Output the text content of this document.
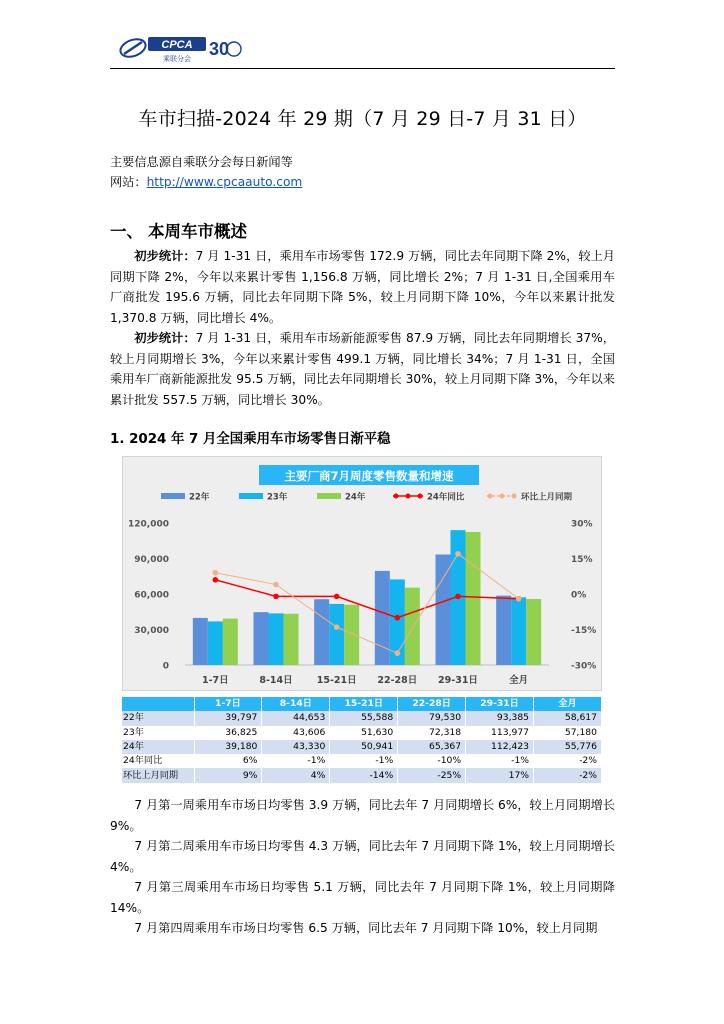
CPCA
乘联分会 30
车市扫描-2024 年 29 期（7 月 29 日-7 月 31 日）
主要信息源自乘联分会每日新闻等
网站：http://www.cpcaauto.com
一、 本周车市概述

初步统计：7 月 1-31 日，乘用车市场零售 172.9 万辆，同比去年同期下降 2%，较上月同期下降 2%，今年以来累计零售 1,156.8 万辆，同比增长 2%；7 月 1-31 日,全国乘用车厂商批发 195.6 万辆，同比去年同期下降 5%，较上月同期下降 10%，今年以来累计批发 1,370.8 万辆，同比增长 4%。

初步统计：7 月 1-31 日，乘用车市场新能源零售 87.9 万辆，同比去年同期增长 37%，较上月同期增长 3%，今年以来累计零售 499.1 万辆，同比增长 34%；7 月 1-31 日，全国乘用车厂商新能源批发 95.5 万辆，同比去年同期增长 30%，较上月同期下降 3%，今年以来累计批发 557.5 万辆，同比增长 30%。

1. 2024 年 7 月全国乘用车市场零售日渐平稳
主要厂商7月周度零售数量和增速
22年	23年	24年	24年同比	环比上月同期
0
30,000
60,000
90,000
120,000
-30%
-15%
0%
15%
30%
1-7日	8-14日	15-21日 22-28日 29-31日	全月
	1-7日	8-14日	15-21日	22-28日	29-31日	全月
22年	39,797	44,653	55,588	79,530	93,385	58,617
23年	36,825	43,606	51,630	72,318	113,977	57,180
24年	39,180	43,330	50,941	65,367	112,423	55,776
24年同比	6%	-1%	-1%	-10%	-1%	-2%
环比上月同期	9%	4%	-14%	-25%	17%	-2%

7 月第一周乘用车市场日均零售 3.9 万辆，同比去年 7 月同期增长 6%，较上月同期增长 9%。

7 月第二周乘用车市场日均零售 4.3 万辆，同比去年 7 月同期下降 1%，较上月同期增长 4%。

7 月第三周乘用车市场日均零售 5.1 万辆，同比去年 7 月同期下降 1%，较上月同期降 14%。

7 月第四周乘用车市场日均零售 6.5 万辆，同比去年 7 月同期下降 10%，较上月同期
